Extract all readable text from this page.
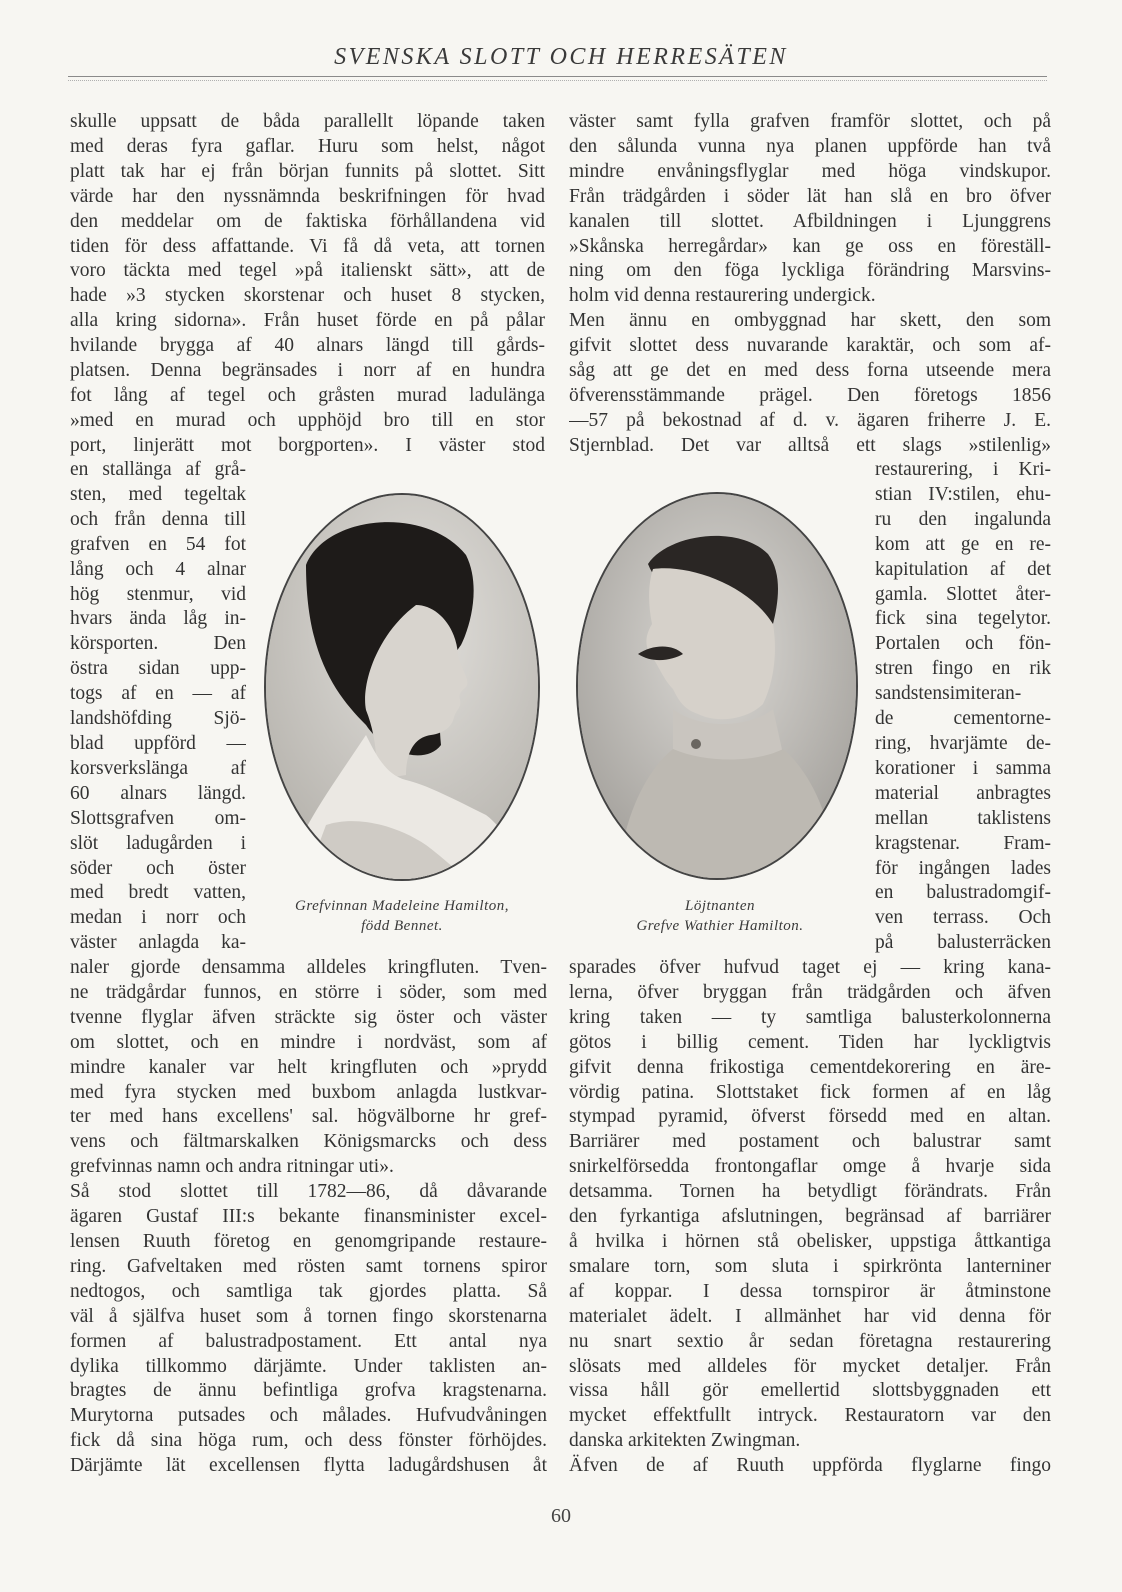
SVENSKA SLOTT OCH HERRESÄTEN
skulle uppsatt de båda parallellt löpande taken
med deras fyra gaflar. Huru som helst, något
platt tak har ej från början funnits på slottet. Sitt
värde har den nyssnämnda beskrifningen för hvad
den meddelar om de faktiska förhållandena vid
tiden för dess affattande. Vi få då veta, att tornen
voro täckta med tegel »på italienskt sätt», att de
hade »3 stycken skorstenar och huset 8 stycken,
alla kring sidorna». Från huset förde en på pålar
hvilande brygga af 40 alnars längd till gårds-
platsen. Denna begränsades i norr af en hundra
fot lång af tegel och gråsten murad ladulänga
»med en murad och upphöjd bro till en stor
port, linjerätt mot borgporten». I väster stod
en stallänga af grå-
sten, med tegeltak
och från denna till
grafven en 54 fot
lång och 4 alnar
hög stenmur, vid
hvars ända låg in-
körsporten. Den
östra sidan upp-
togs af en — af
landshöfding Sjö-
blad uppförd —
korsverkslänga af
60 alnars längd.
Slottsgrafven om-
slöt ladugården i
söder och öster
med bredt vatten,
medan i norr och
väster anlagda ka-
naler gjorde densamma alldeles kringfluten. Tven-
ne trädgårdar funnos, en större i söder, som med
tvenne flyglar äfven sträckte sig öster och väster
om slottet, och en mindre i nordväst, som af
mindre kanaler var helt kringfluten och »prydd
med fyra stycken med buxbom anlagda lustkvar-
ter med hans excellens' sal. högvälborne hr gref-
vens och fältmarskalken Königsmarcks och dess
grefvinnas namn och andra ritningar uti».
Så stod slottet till 1782—86, då dåvarande
ägaren Gustaf III:s bekante finansminister excel-
lensen Ruuth företog en genomgripande restaure-
ring. Gafveltaken med rösten samt tornens spiror
nedtogos, och samtliga tak gjordes platta. Så
väl å själfva huset som å tornen fingo skorstenarna
formen af balustradpostament. Ett antal nya
dylika tillkommo därjämte. Under taklisten an-
bragtes de ännu befintliga grofva kragstenarna.
Murytorna putsades och målades. Hufvudvåningen
fick då sina höga rum, och dess fönster förhöjdes.
Därjämte lät excellensen flytta ladugårdshusen åt
väster samt fylla grafven framför slottet, och på
den sålunda vunna nya planen uppförde han två
mindre envåningsflyglar med höga vindskupor.
Från trädgården i söder lät han slå en bro öfver
kanalen till slottet. Afbildningen i Ljunggrens
»Skånska herregårdar» kan ge oss en föreställ-
ning om den föga lyckliga förändring Marsvins-
holm vid denna restaurering undergick.
Men ännu en ombyggnad har skett, den som
gifvit slottet dess nuvarande karaktär, och som af-
såg att ge det en med dess forna utseende mera
öfverensstämmande prägel. Den företogs 1856
—57 på bekostnad af d. v. ägaren friherre J. E.
Stjernblad. Det var alltså ett slags »stilenlig»
restaurering, i Kri-
stian IV:stilen, ehu-
ru den ingalunda
kom att ge en re-
kapitulation af det
gamla. Slottet åter-
fick sina tegelytor.
Portalen och fön-
stren fingo en rik
sandstensimiteran-
de cementorne-
ring, hvarjämte de-
korationer i samma
material anbragtes
mellan taklistens
kragstenar. Fram-
för ingången lades
en balustradomgif-
ven terrass. Och
på balusterräcken
sparades öfver hufvud taget ej — kring kana-
lerna, öfver bryggan från trädgården och äfven
kring taken — ty samtliga balusterkolonnerna
götos i billig cement. Tiden har lyckligtvis
gifvit denna frikostiga cementdekorering en äre-
vördig patina. Slottstaket fick formen af en låg
stympad pyramid, öfverst försedd med en altan.
Barriärer med postament och balustrar samt
snirkelförsedda frontongaflar omge å hvarje sida
detsamma. Tornen ha betydligt förändrats. Från
den fyrkantiga afslutningen, begränsad af barriärer
å hvilka i hörnen stå obelisker, uppstiga åttkantiga
smalare torn, som sluta i spirkrönta lanterniner
af koppar. I dessa tornspiror är åtminstone
materialet ädelt. I allmänhet har vid denna för
nu snart sextio år sedan företagna restaurering
slösats med alldeles för mycket detaljer. Från
vissa håll gör emellertid slottsbyggnaden ett
mycket effektfullt intryck. Restauratorn var den
danska arkitekten Zwingman.
Äfven de af Ruuth uppförda flyglarne fingo
Grefvinnan Madeleine Hamilton,
född Bennet.
Löjtnanten
Grefve Wathier Hamilton.
60
